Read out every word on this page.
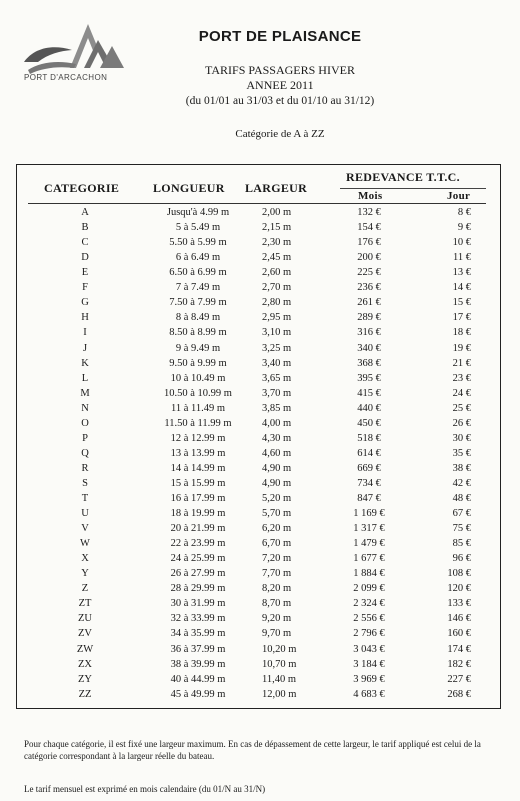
PORT D'ARCACHON
PORT DE PLAISANCE
TARIFS PASSAGERS HIVER
ANNEE 2011
(du 01/01 au 31/03 et du 01/10 au 31/12)
Catégorie de A à ZZ
CATEGORIE	LONGUEUR LARGEUR
REDEVANCE T.T.C.
Mois	Jour
A	Jusqu'à 4.99 m	2,00 m	132 €	8 €
B	5 à 5.49 m	2,15 m	154 €	9 €
C	5.50 à 5.99 m	2,30 m	176 €	10 €
D	6 à 6.49 m	2,45 m	200 €	11 €
E	6.50 à 6.99 m	2,60 m	225 €	13 €
F	7 à 7.49 m	2,70 m	236 €	14 €
G	7.50 à 7.99 m	2,80 m	261 €	15 €
H	8 à 8.49 m	2,95 m	289 €	17 €
I	8.50 à 8.99 m	3,10 m	316 €	18 €
J	9 à 9.49 m	3,25 m	340 €	19 €
K	9.50 à 9.99 m	3,40 m	368 €	21 €
L	10 à 10.49 m	3,65 m	395 €	23 €
M	10.50 à 10.99 m	3,70 m	415 €	24 €
N	11 à 11.49 m	3,85 m	440 €	25 €
O	11.50 à 11.99 m	4,00 m	450 €	26 €
P	12 à 12.99 m	4,30 m	518 €	30 €
Q	13 à 13.99 m	4,60 m	614 €	35 €
R	14 à 14.99 m	4,90 m	669 €	38 €
S	15 à 15.99 m	4,90 m	734 €	42 €
T	16 à 17.99 m	5,20 m	847 €	48 €
U	18 à 19.99 m	5,70 m	1 169 €	67 €
V	20 à 21.99 m	6,20 m	1 317 €	75 €
W	22 à 23.99 m	6,70 m	1 479 €	85 €
X	24 à 25.99 m	7,20 m	1 677 €	96 €
Y	26 à 27.99 m	7,70 m	1 884 €	108 €
Z	28 à 29.99 m	8,20 m	2 099 €	120 €
ZT	30 à 31.99 m	8,70 m	2 324 €	133 €
ZU	32 à 33.99 m	9,20 m	2 556 €	146 €
ZV	34 à 35.99 m	9,70 m	2 796 €	160 €
ZW	36 à 37.99 m	10,20 m	3 043 €	174 €
ZX	38 à 39.99 m	10,70 m	3 184 €	182 €
ZY	40 à 44.99 m	11,40 m	3 969 €	227 €
ZZ	45 à 49.99 m	12,00 m	4 683 €	268 €
Pour chaque catégorie, il est fixé une largeur maximum. En cas de dépassement de cette largeur, le tarif appliqué est celui de la catégorie correspondant à la largeur réelle du bateau.
Le tarif mensuel est exprimé en mois calendaire (du 01/N au 31/N)
